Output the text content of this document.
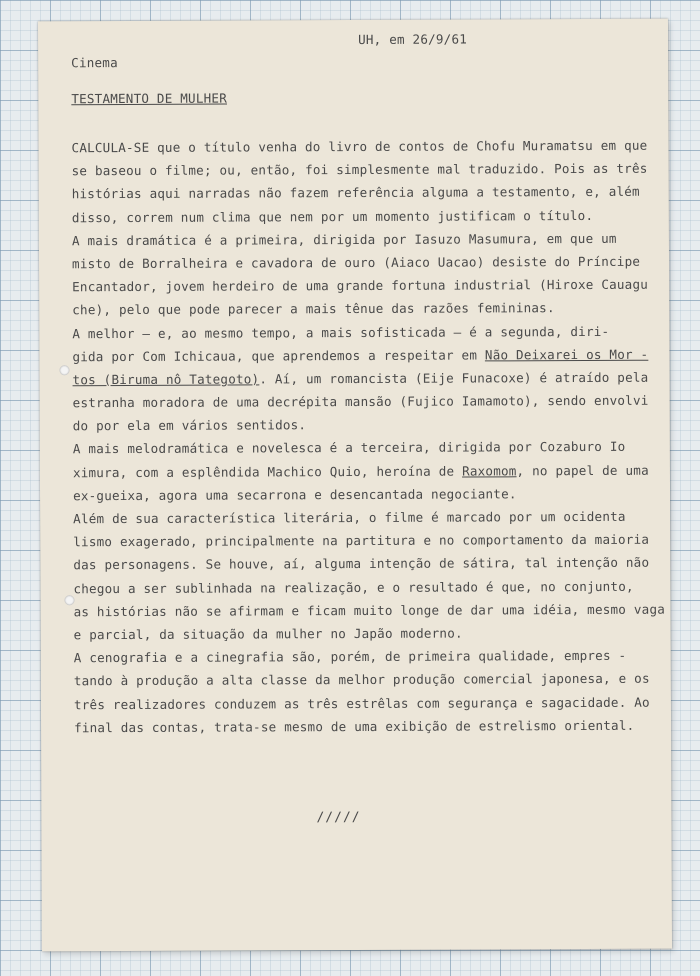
UH, em 26/9/61
Cinema
TESTAMENTO DE MULHER
CALCULA-SE que o título venha do livro de contos de Chofu Muramatsu em que
se baseou o filme; ou, então, foi simplesmente mal traduzido. Pois as três
histórias aqui narradas não fazem referência alguma a testamento, e, além
disso, correm num clima que nem por um momento justificam o título.
A mais dramática é a primeira, dirigida por Iasuzo Masumura, em que um
misto de Borralheira e cavadora de ouro (Aiaco Uacao) desiste do Príncipe
Encantador, jovem herdeiro de uma grande fortuna industrial (Hiroxe Cauagu
che), pelo que pode parecer a mais tênue das razões femininas.
A melhor — e, ao mesmo tempo, a mais sofisticada — é a segunda, diri-
gida por Com Ichicaua, que aprendemos a respeitar em Não Deixarei os Mor -
tos (Biruma nô Tategoto). Aí, um romancista (Eije Funacoxe) é atraído pela
estranha moradora de uma decrépita mansão (Fujico Iamamoto), sendo envolvi
do por ela em vários sentidos.
A mais melodramática e novelesca é a terceira, dirigida por Cozaburo Io
ximura, com a esplêndida Machico Quio, heroína de Raxomom, no papel de uma
ex-gueixa, agora uma secarrona e desencantada negociante.
Além de sua característica literária, o filme é marcado por um ocidenta
lismo exagerado, principalmente na partitura e no comportamento da maioria
das personagens. Se houve, aí, alguma intenção de sátira, tal intenção não
chegou a ser sublinhada na realização, e o resultado é que, no conjunto,
as histórias não se afirmam e ficam muito longe de dar uma idéia, mesmo vaga
e parcial, da situação da mulher no Japão moderno.
A cenografia e a cinegrafia são, porém, de primeira qualidade, empres -
tando à produção a alta classe da melhor produção comercial japonesa, e os
três realizadores conduzem as três estrêlas com segurança e sagacidade. Ao
final das contas, trata-se mesmo de uma exibição de estrelismo oriental.
/////
